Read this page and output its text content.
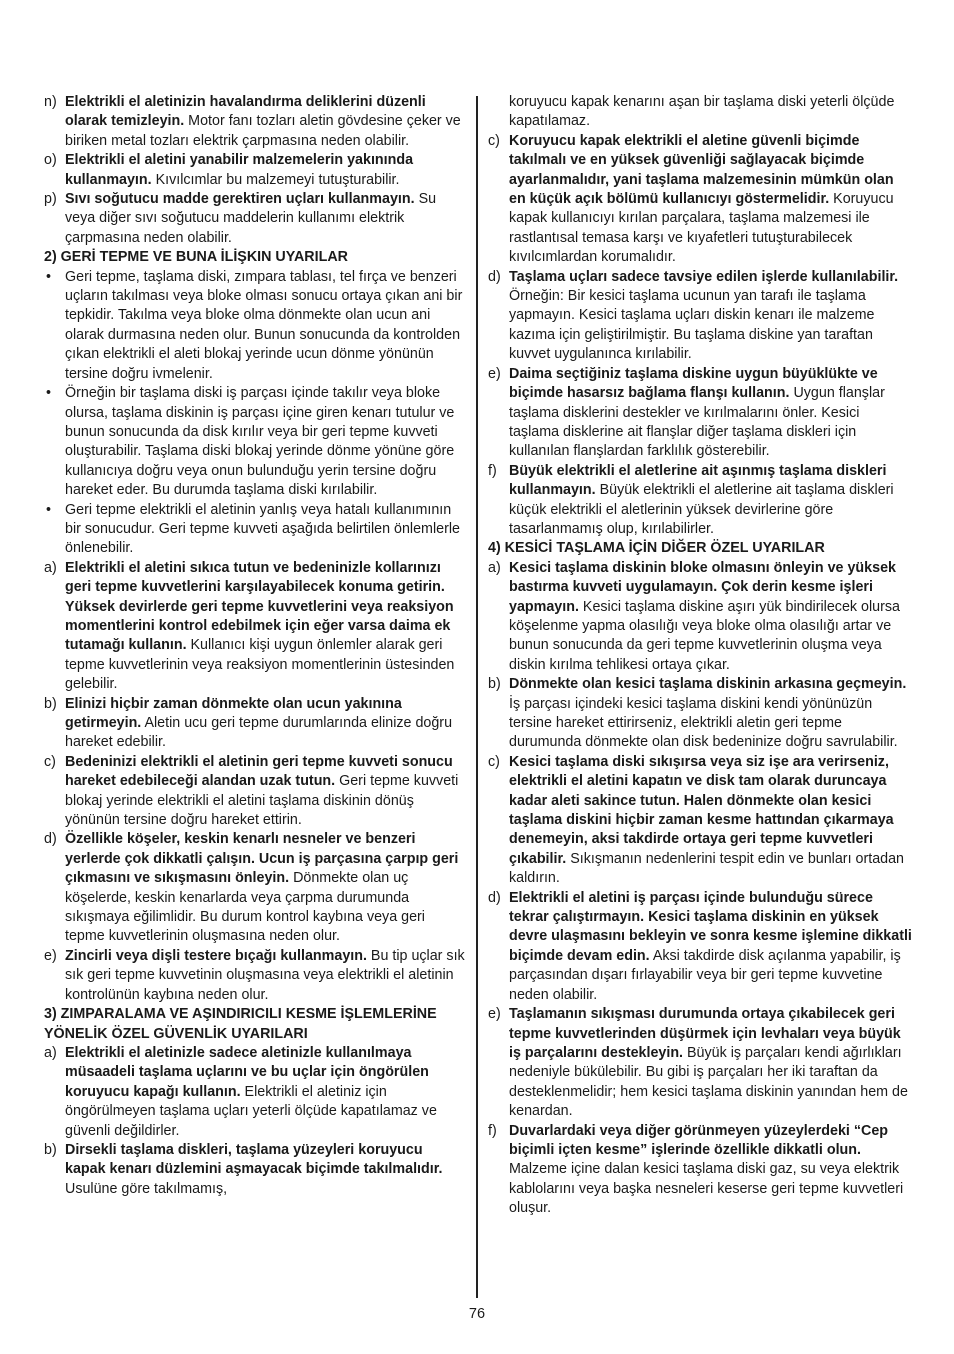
n) Elektrikli el aletinizin havalandırma deliklerini düzenli olarak temizleyin. Motor fanı tozları aletin gövdesine çeker ve biriken metal tozları elektrik çarpmasına neden olabilir.
o) Elektrikli el aletini yanabilir malzemelerin yakınında kullanmayın. Kıvılcımlar bu malzemeyi tutuşturabilir.
p) Sıvı soğutucu madde gerektiren uçları kullanmayın. Su veya diğer sıvı soğutucu maddelerin kullanımı elektrik çarpmasına neden olabilir.
2) GERİ TEPME VE BUNA İLİŞKIN UYARILAR
• Geri tepme, taşlama diski, zımpara tablası, tel fırça ve benzeri uçların takılması veya bloke olması sonucu ortaya çıkan ani bir tepkidir. Takılma veya bloke olma dönmekte olan ucun ani olarak durmasına neden olur. Bunun sonucunda da kontrolden çıkan elektrikli el aleti blokaj yerinde ucun dönme yönünün tersine doğru ivmelenir.
• Örneğin bir taşlama diski iş parçası içinde takılır veya bloke olursa, taşlama diskinin iş parçası içine giren kenarı tutulur ve bunun sonucunda da disk kırılır veya bir geri tepme kuvveti oluşturabilir. Taşlama diski blokaj yerinde dönme yönüne göre kullanıcıya doğru veya onun bulunduğu yerin tersine doğru hareket eder. Bu durumda taşlama diski kırılabilir.
• Geri tepme elektrikli el aletinin yanlış veya hatalı kullanımının bir sonucudur. Geri tepme kuvveti aşağıda belirtilen önlemlerle önlenebilir.
a) Elektrikli el aletini sıkıca tutun ve bedeninizle kollarınızı geri tepme kuvvetlerini karşılayabilecek konuma getirin. Yüksek devirlerde geri tepme kuvvetlerini veya reaksiyon momentlerini kontrol edebilmek için eğer varsa daima ek tutamağı kullanın. Kullanıcı kişi uygun önlemler alarak geri tepme kuvvetlerinin veya reaksiyon momentlerinin üstesinden gelebilir.
b) Elinizi hiçbir zaman dönmekte olan ucun yakınına getirmeyin. Aletin ucu geri tepme durumlarında elinize doğru hareket edebilir.
c) Bedeninizi elektrikli el aletinin geri tepme kuvveti sonucu hareket edebileceği alandan uzak tutun. Geri tepme kuvveti blokaj yerinde elektrikli el aletini taşlama diskinin dönüş yönünün tersine doğru hareket ettirin.
d) Özellikle köşeler, keskin kenarlı nesneler ve benzeri yerlerde çok dikkatli çalışın. Ucun iş parçasına çarpıp geri çıkmasını ve sıkışmasını önleyin. Dönmekte olan uç köşelerde, keskin kenarlarda veya çarpma durumunda sıkışmaya eğilimlidir. Bu durum kontrol kaybına veya geri tepme kuvvetlerinin oluşmasına neden olur.
e) Zincirli veya dişli testere bıçağı kullanmayın. Bu tip uçlar sık sık geri tepme kuvvetinin oluşmasına veya elektrikli el aletinin kontrolünün kaybına neden olur.
3) ZIMPARALAMA VE AŞINDIRICILI KESME İŞLEMLERİNE YÖNELİK ÖZEL GÜVENLİK UYARILARI
a) Elektrikli el aletinizle sadece aletinizle kullanılmaya müsaadeli taşlama uçlarını ve bu uçlar için öngörülen koruyucu kapağı kullanın. Elektrikli el aletiniz için öngörülmeyen taşlama uçları yeterli ölçüde kapatılamaz ve güvenli değildirler.
b) Dirsekli taşlama diskleri, taşlama yüzeyleri koruyucu kapak kenarı düzlemini aşmayacak biçimde takılmalıdır. Usulüne göre takılmamış,
koruyucu kapak kenarını aşan bir taşlama diski yeterli ölçüde kapatılamaz.
c) Koruyucu kapak elektrikli el aletine güvenli biçimde takılmalı ve en yüksek güvenliği sağlayacak biçimde ayarlanmalıdır, yani taşlama malzemesinin mümkün olan en küçük açık bölümü kullanıcıyı göstermelidir. Koruyucu kapak kullanıcıyı kırılan parçalara, taşlama malzemesi ile rastlantısal temasa karşı ve kıyafetleri tutuşturabilecek kıvılcımlardan korumalıdır.
d) Taşlama uçları sadece tavsiye edilen işlerde kullanılabilir. Örneğin: Bir kesici taşlama ucunun yan tarafı ile taşlama yapmayın. Kesici taşlama uçları diskin kenarı ile malzeme kazıma için geliştirilmiştir. Bu taşlama diskine yan taraftan kuvvet uygulanınca kırılabilir.
e) Daima seçtiğiniz taşlama diskine uygun büyüklükte ve biçimde hasarsız bağlama flanşı kullanın. Uygun flanşlar taşlama disklerini destekler ve kırılmalarını önler. Kesici taşlama disklerine ait flanşlar diğer taşlama diskleri için kullanılan flanşlardan farklılık gösterebilir.
f) Büyük elektrikli el aletlerine ait aşınmış taşlama diskleri kullanmayın. Büyük elektrikli el aletlerine ait taşlama diskleri küçük elektrikli el aletlerinin yüksek devirlerine göre tasarlanmamış olup, kırılabilirler.
4) KESİCİ TAŞLAMA İÇİN DİĞER ÖZEL UYARILAR
a) Kesici taşlama diskinin bloke olmasını önleyin ve yüksek bastırma kuvveti uygulamayın. Çok derin kesme işleri yapmayın. Kesici taşlama diskine aşırı yük bindirilecek olursa köşelenme yapma olasılığı veya bloke olma olasılığı artar ve bunun sonucunda da geri tepme kuvvetlerinin oluşma veya diskin kırılma tehlikesi ortaya çıkar.
b) Dönmekte olan kesici taşlama diskinin arkasına geçmeyin. İş parçası içindeki kesici taşlama diskini kendi yönünüzün tersine hareket ettirirseniz, elektrikli aletin geri tepme durumunda dönmekte olan disk bedeninize doğru savrulabilir.
c) Kesici taşlama diski sıkışırsa veya siz işe ara verirseniz, elektrikli el aletini kapatın ve disk tam olarak duruncaya kadar aleti sakince tutun. Halen dönmekte olan kesici taşlama diskini hiçbir zaman kesme hattından çıkarmaya denemeyin, aksi takdirde ortaya geri tepme kuvvetleri çıkabilir. Sıkışmanın nedenlerini tespit edin ve bunları ortadan kaldırın.
d) Elektrikli el aletini iş parçası içinde bulunduğu sürece tekrar çalıştırmayın. Kesici taşlama diskinin en yüksek devre ulaşmasını bekleyin ve sonra kesme işlemine dikkatli biçimde devam edin. Aksi takdirde disk açılanma yapabilir, iş parçasından dışarı fırlayabilir veya bir geri tepme kuvvetine neden olabilir.
e) Taşlamanın sıkışması durumunda ortaya çıkabilecek geri tepme kuvvetlerinden düşürmek için levhaları veya büyük iş parçalarını destekleyin. Büyük iş parçaları kendi ağırlıkları nedeniyle bükülebilir. Bu gibi iş parçaları her iki taraftan da desteklenmelidir; hem kesici taşlama diskinin yanından hem de kenardan.
f) Duvarlardaki veya diğer görünmeyen yüzeylerdeki “Cep biçimli içten kesme” işlerinde özellikle dikkatli olun. Malzeme içine dalan kesici taşlama diski gaz, su veya elektrik kablolarını veya başka nesneleri keserse geri tepme kuvvetleri oluşur.
76
